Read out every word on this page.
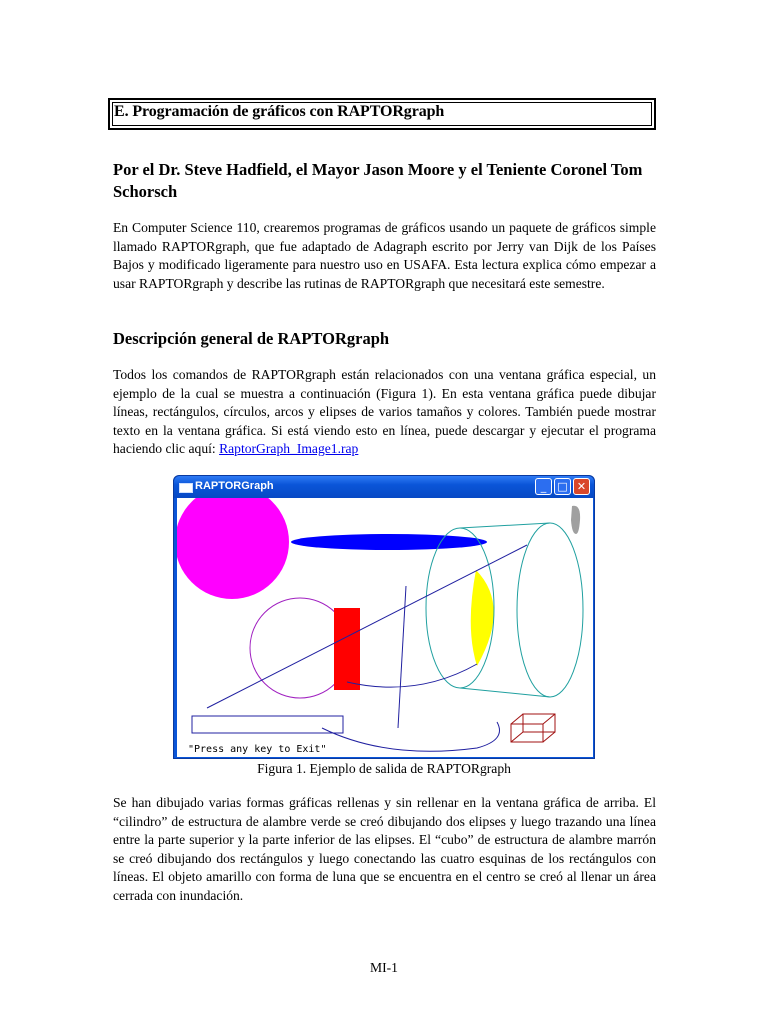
E. Programación de gráficos con RAPTORgraph
Por el Dr. Steve Hadfield, el Mayor Jason Moore y el Teniente Coronel Tom Schorsch
En Computer Science 110, crearemos programas de gráficos usando un paquete de gráficos simple llamado RAPTORgraph, que fue adaptado de Adagraph escrito por Jerry van Dijk de los Países Bajos y modificado ligeramente para nuestro uso en USAFA. Esta lectura explica cómo empezar a usar RAPTORgraph y describe las rutinas de RAPTORgraph que necesitará este semestre.
Descripción general de RAPTORgraph
Todos los comandos de RAPTORgraph están relacionados con una ventana gráfica especial, un ejemplo de la cual se muestra a continuación (Figura 1). En esta ventana gráfica puede dibujar líneas, rectángulos, círculos, arcos y elipses de varios tamaños y colores. También puede mostrar texto en la ventana gráfica. Si está viendo esto en línea, puede descargar y ejecutar el programa haciendo clic aquí: RaptorGraph_Image1.rap
RAPTORGraph	_	□ ✕
"Press any key to Exit"
Figura 1. Ejemplo de salida de RAPTORgraph
Se han dibujado varias formas gráficas rellenas y sin rellenar en la ventana gráfica de arriba. El “cilindro” de estructura de alambre verde se creó dibujando dos elipses y luego trazando una línea entre la parte superior y la parte inferior de las elipses. El “cubo” de estructura de alambre marrón se creó dibujando dos rectángulos y luego conectando las cuatro esquinas de los rectángulos con líneas. El objeto amarillo con forma de luna que se encuentra en el centro se creó al llenar un área cerrada con inundación.
MI-1
